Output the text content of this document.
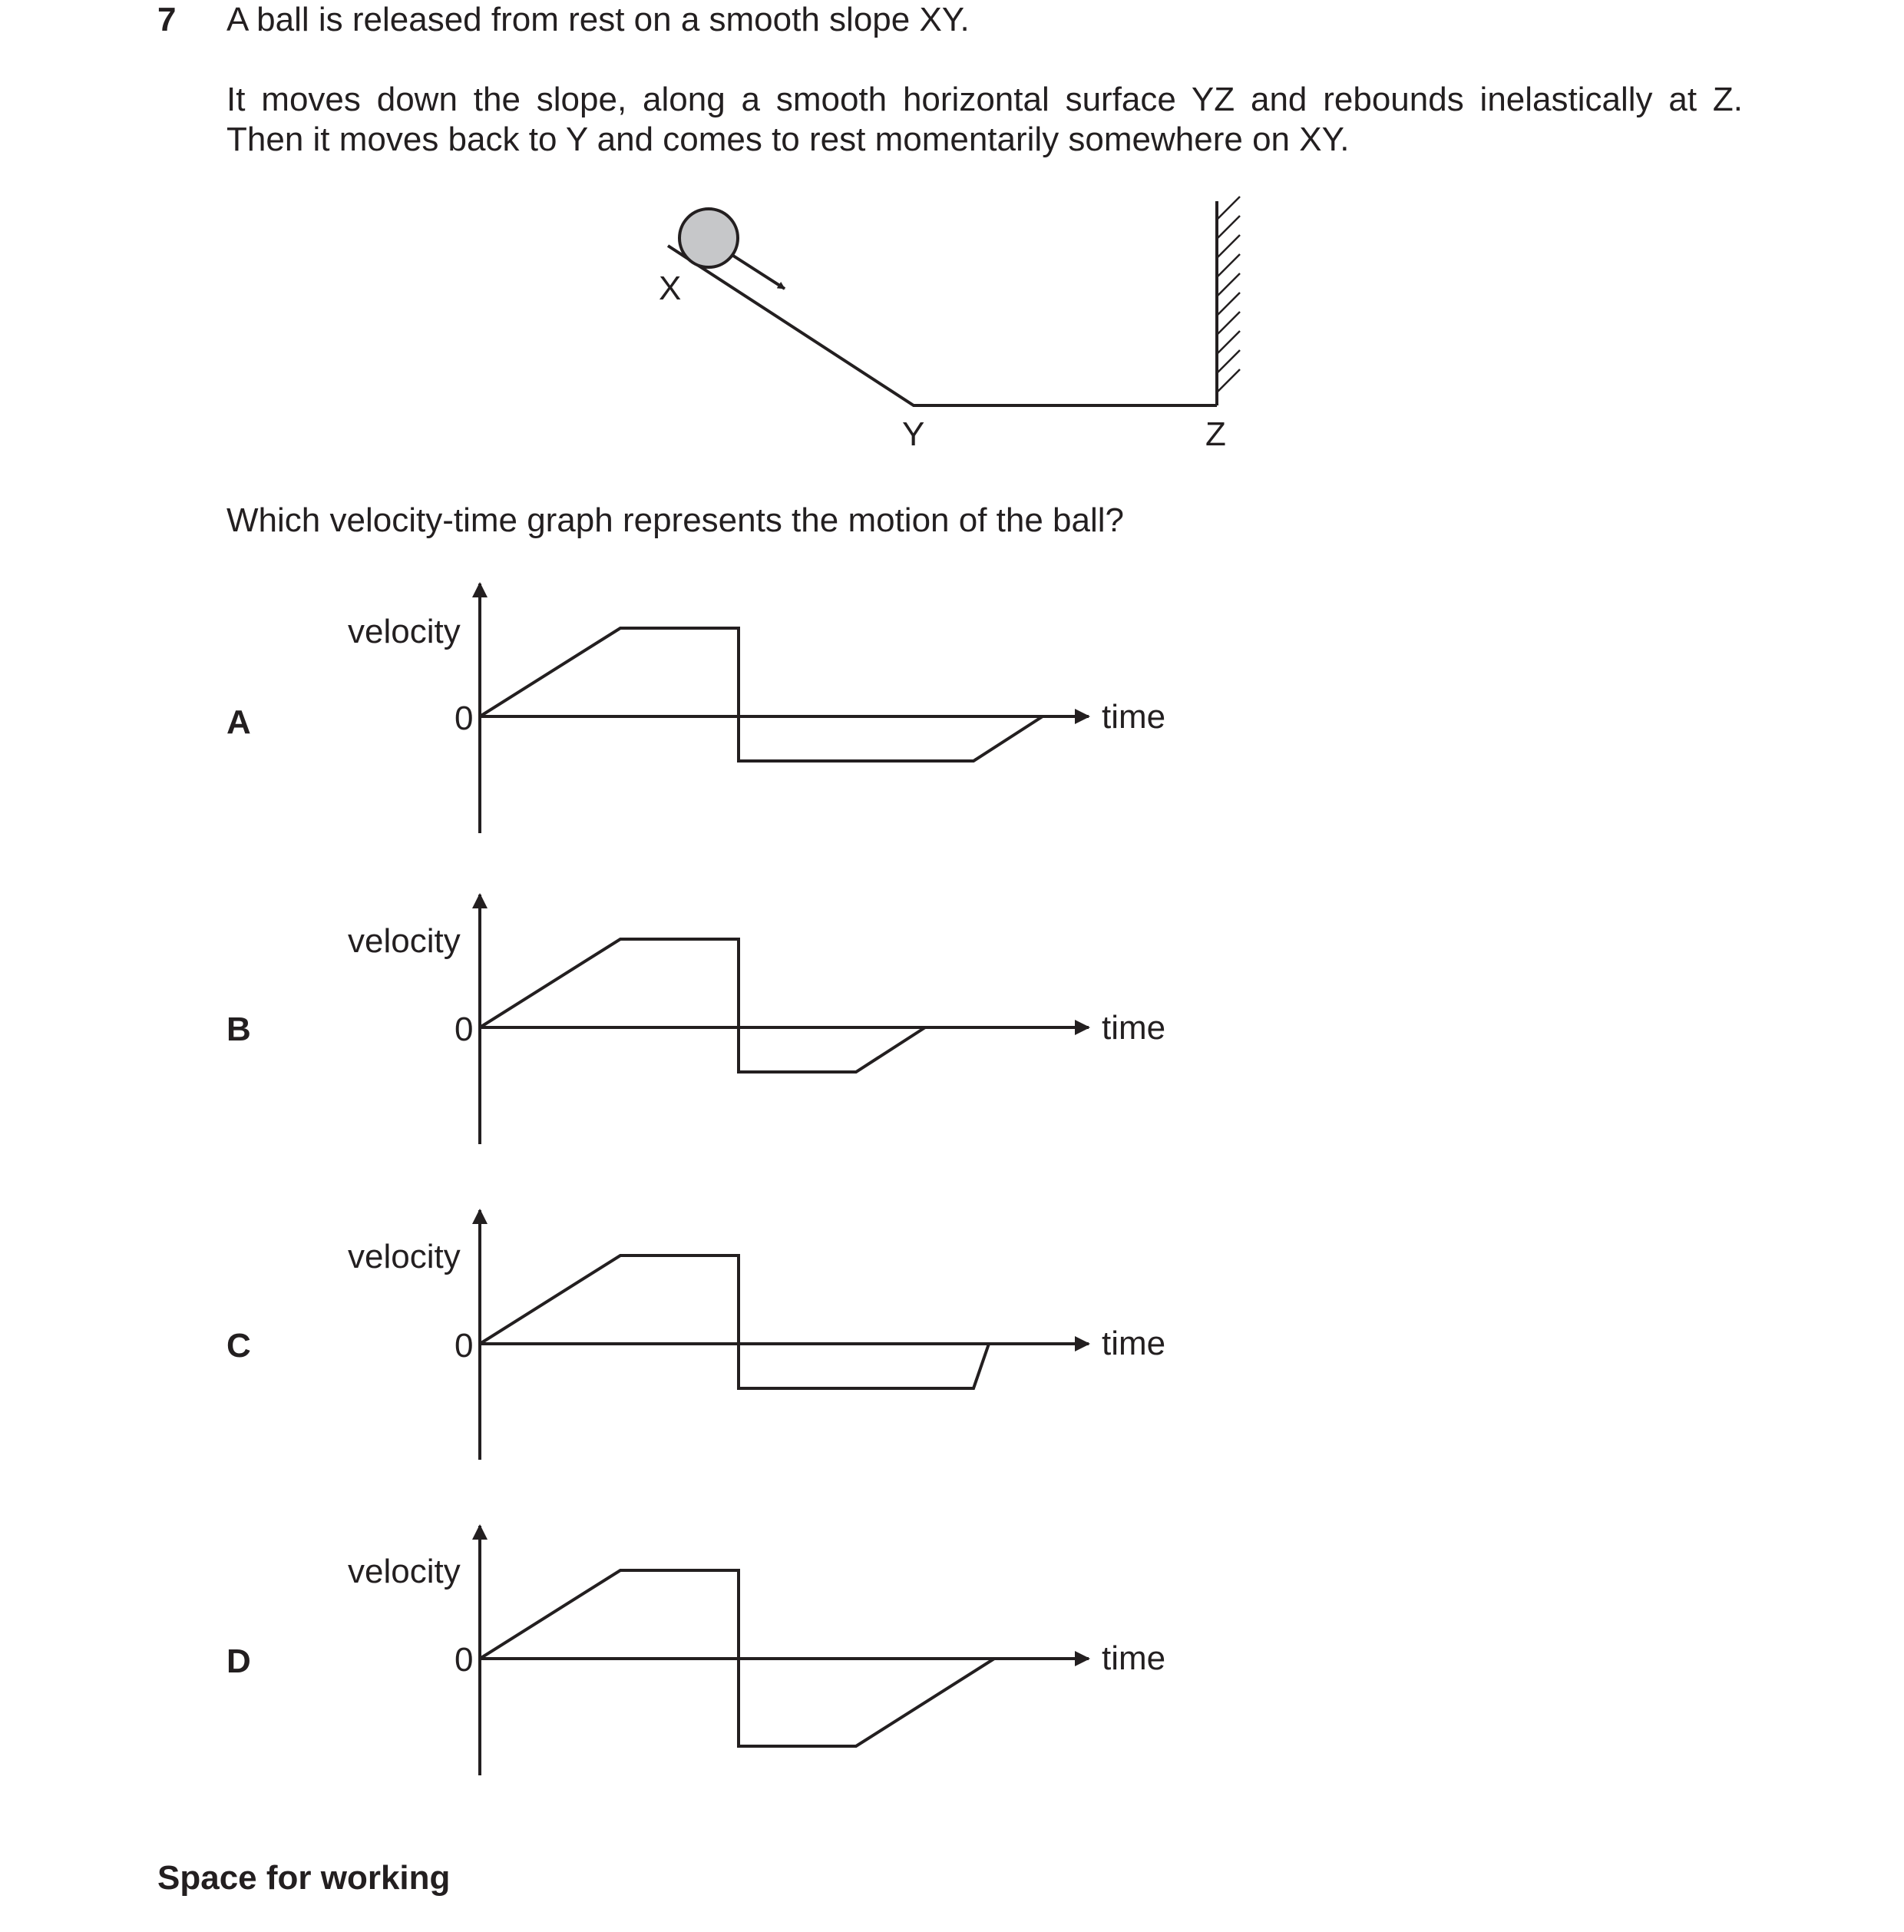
7 A ball is released from rest on a smooth slope XY.
It moves down the slope, along a smooth horizontal surface YZ and rebounds inelastically at Z.
Then it moves back to Y and comes to rest momentarily somewhere on XY.
X
Y	Z
Which velocity-time graph represents the motion of the ball?
A
velocity
0	time
B
velocity
0	time
C
velocity
0	time
D
velocity
0	time
Space for working
